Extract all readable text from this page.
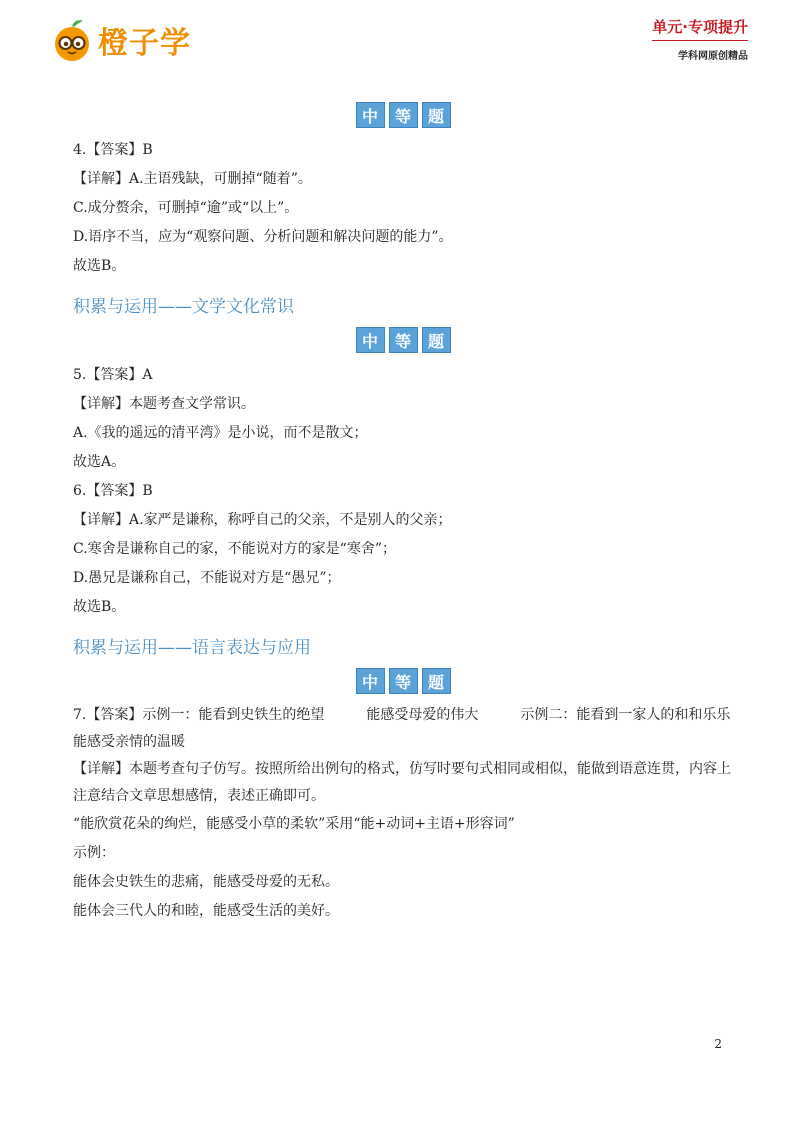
橙子学	单元·专项提升
学科网原创精品
中	等	题

4.【答案】B

【详解】A.主语残缺，可删掉“随着”。

C.成分赘余，可删掉“逾”或“以上”。

D.语序不当，应为“观察问题、分析问题和解决问题的能力”。

故选B。

积累与运用——文学文化常识
中	等	题

5.【答案】A

【详解】本题考查文学常识。

A.《我的遥远的清平湾》是小说，而不是散文；

故选A。

6.【答案】B

【详解】A.家严是谦称，称呼自己的父亲，不是别人的父亲；

C.寒舍是谦称自己的家，不能说对方的家是“寒舍”；

D.愚兄是谦称自己，不能说对方是“愚兄”；

故选B。

积累与运用——语言表达与应用
中	等	题

7.【答案】示例一：能看到史铁生的绝望　　　能感受母爱的伟大　　　示例二：能看到一家人的和和乐乐　　　能感受亲情的温暖

【详解】本题考查句子仿写。按照所给出例句的格式，仿写时要句式相同或相似，能做到语意连贯，内容上注意结合文章思想感情，表述正确即可。

“能欣赏花朵的绚烂，能感受小草的柔软”采用“能+动词+主语+形容词”

示例：

能体会史铁生的悲痛，能感受母爱的无私。

能体会三代人的和睦，能感受生活的美好。

2
